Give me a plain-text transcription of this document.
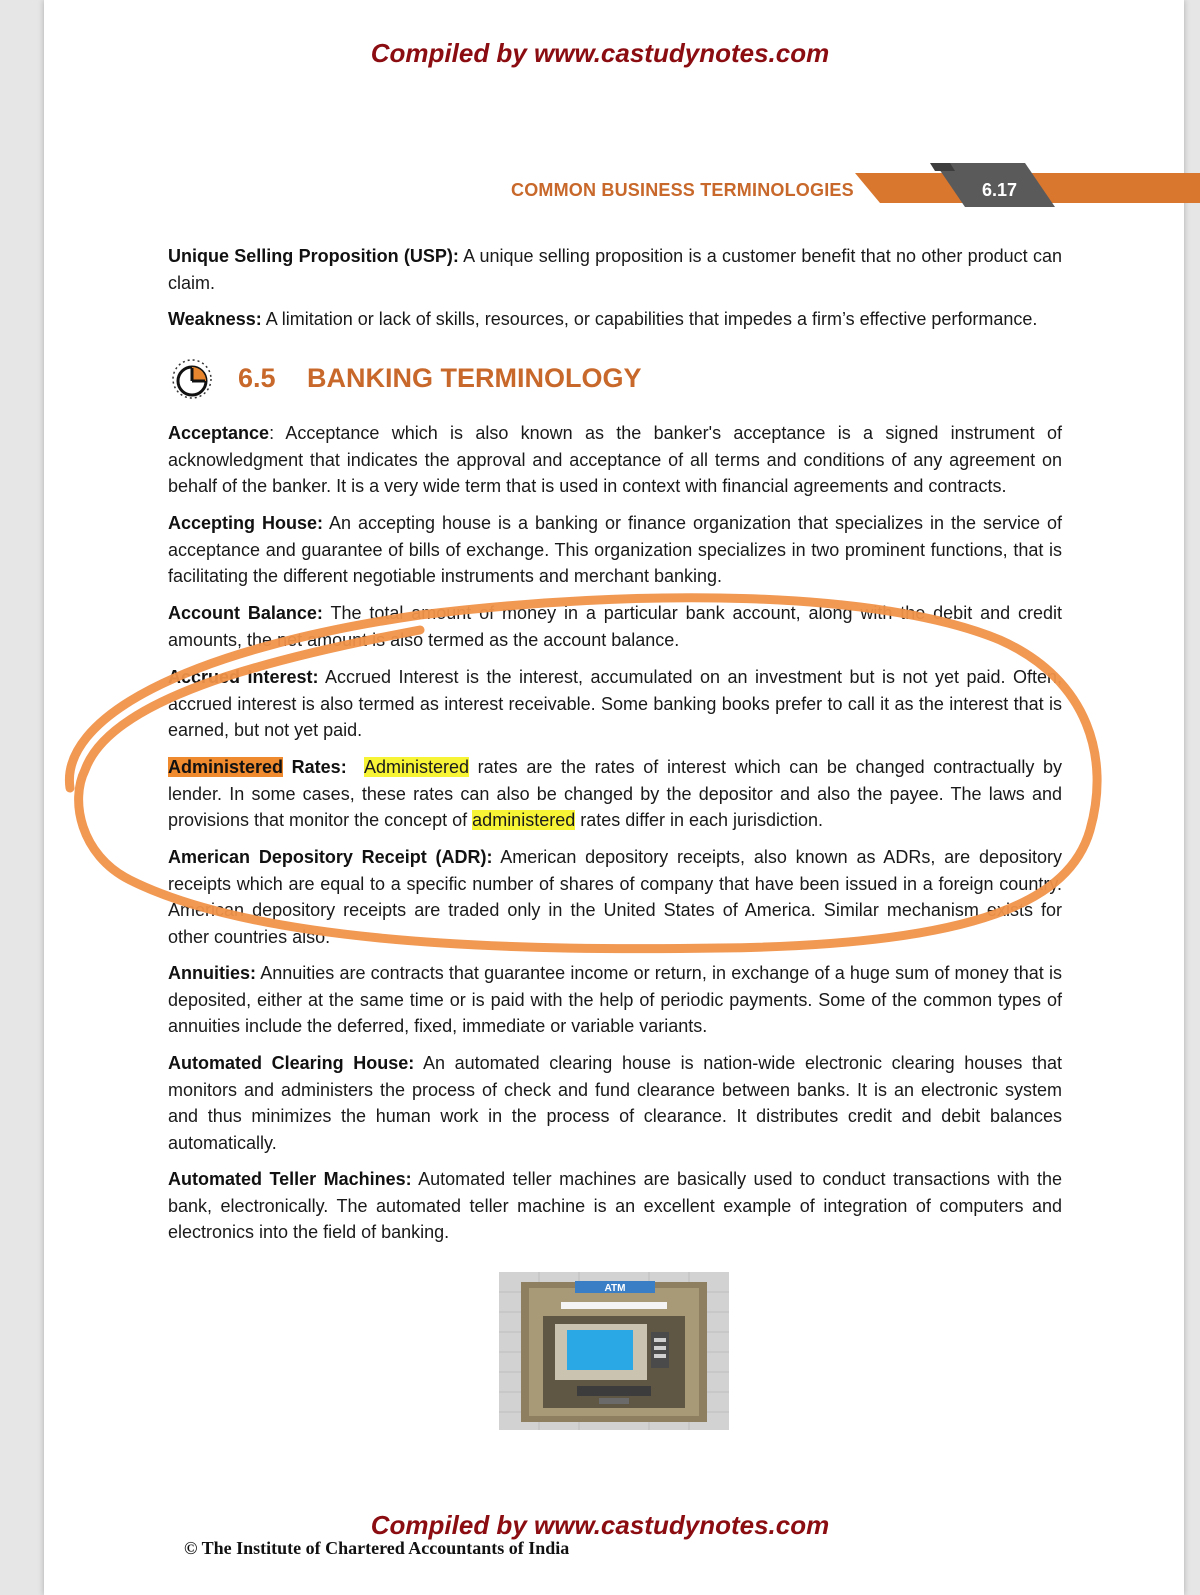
Compiled by www.castudynotes.com
COMMON BUSINESS TERMINOLOGIES	6.17
Unique Selling Proposition (USP): A unique selling proposition is a customer benefit that no other product can claim.
Weakness: A limitation or lack of skills, resources, or capabilities that impedes a firm’s effective performance.
6.5 BANKING TERMINOLOGY
Acceptance: Acceptance which is also known as the banker's acceptance is a signed instrument of acknowledgment that indicates the approval and acceptance of all terms and conditions of any agreement on behalf of the banker. It is a very wide term that is used in context with financial agreements and contracts.
Accepting House: An accepting house is a banking or finance organization that specializes in the service of acceptance and guarantee of bills of exchange. This organization specializes in two prominent functions, that is facilitating the different negotiable instruments and merchant banking.
Account Balance: The total amount of money in a particular bank account, along with the debit and credit amounts, the net amount is also termed as the account balance.
Accrued Interest: Accrued Interest is the interest, accumulated on an investment but is not yet paid. Often, accrued interest is also termed as interest receivable. Some banking books prefer to call it as the interest that is earned, but not yet paid.
Administered Rates: Administered rates are the rates of interest which can be changed contractually by lender. In some cases, these rates can also be changed by the depositor and also the payee. The laws and provisions that monitor the concept of administered rates differ in each jurisdiction.
American Depository Receipt (ADR): American depository receipts, also known as ADRs, are depository receipts which are equal to a specific number of shares of company that have been issued in a foreign country. American depository receipts are traded only in the United States of America. Similar mechanism exists for other countries also.
Annuities: Annuities are contracts that guarantee income or return, in exchange of a huge sum of money that is deposited, either at the same time or is paid with the help of periodic payments. Some of the common types of annuities include the deferred, fixed, immediate or variable variants.
Automated Clearing House: An automated clearing house is nation-wide electronic clearing houses that monitors and administers the process of check and fund clearance between banks. It is an electronic system and thus minimizes the human work in the process of clearance. It distributes credit and debit balances automatically.
Automated Teller Machines: Automated teller machines are basically used to conduct transactions with the bank, electronically. The automated teller machine is an excellent example of integration of computers and electronics into the field of banking.
ATM
Compiled by www.castudynotes.com
© The Institute of Chartered Accountants of India
